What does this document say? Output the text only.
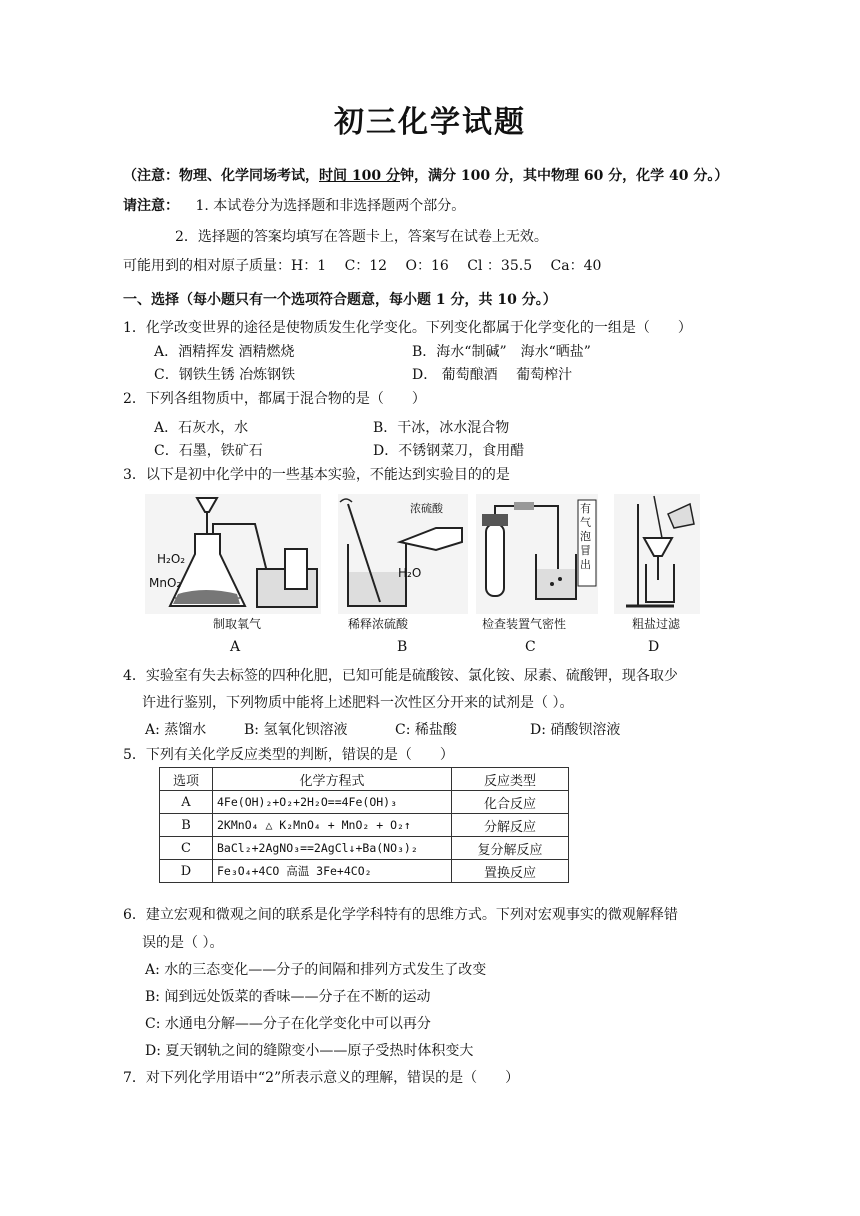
初三化学试题
（注意：物理、化学同场考试，时间 100 分钟，满分 100 分，其中物理 60 分，化学 40 分。）
请注意： 1. 本试卷分为选择题和非选择题两个部分。
2．选择题的答案均填写在答题卡上，答案写在试卷上无效。
可能用到的相对原子质量：H：1　 C：12　 O：16　 Cl ：35.5　 Ca：40
一、选择（每小题只有一个选项符合题意，每小题 1 分，共 10 分。）
1．化学改变世界的途径是使物质发生化学变化。下列变化都属于化学变化的一组是（　　）
A．酒精挥发 酒精燃烧	B．海水“制碱”　海水“晒盐”
C．钢铁生锈 冶炼钢铁	D． 葡萄酿酒　 葡萄榨汁
2．下列各组物质中，都属于混合物的是（　　）
A．石灰水，水	B．干冰，冰水混合物
C．石墨，铁矿石	D．不锈钢菜刀，食用醋
3．以下是初中化学中的一些基本实验，不能达到实验目的的是
H₂O₂
MnO₂
制取氧气
浓硫酸
H₂O
稀释浓硫酸
有气泡冒出
检查装置气密性	粗盐过滤
A	B	C	D
4．实验室有失去标签的四种化肥，已知可能是硫酸铵、氯化铵、尿素、硫酸钾，现各取少
许进行鉴别，下列物质中能将上述肥料一次性区分开来的试剂是（ ）。
A: 蒸馏水	B: 氢氧化钡溶液	C: 稀盐酸	D: 硝酸钡溶液
5．下列有关化学反应类型的判断，错误的是（　　）
选项	化学方程式	反应类型
A	4Fe(OH)₂+O₂+2H₂O==4Fe(OH)₃	化合反应
B	2KMnO₄ △ K₂MnO₄ + MnO₂ + O₂↑	分解反应
C	BaCl₂+2AgNO₃==2AgCl↓+Ba(NO₃)₂	复分解反应
D	Fe₃O₄+4CO 高温 3Fe+4CO₂	置换反应
6．建立宏观和微观之间的联系是化学学科特有的思维方式。下列对宏观事实的微观解释错
误的是（ ）。
A: 水的三态变化——分子的间隔和排列方式发生了改变
B: 闻到远处饭菜的香味——分子在不断的运动
C: 水通电分解——分子在化学变化中可以再分
D: 夏天钢轨之间的缝隙变小——原子受热时体积变大
7．对下列化学用语中“2”所表示意义的理解，错误的是（　　）
